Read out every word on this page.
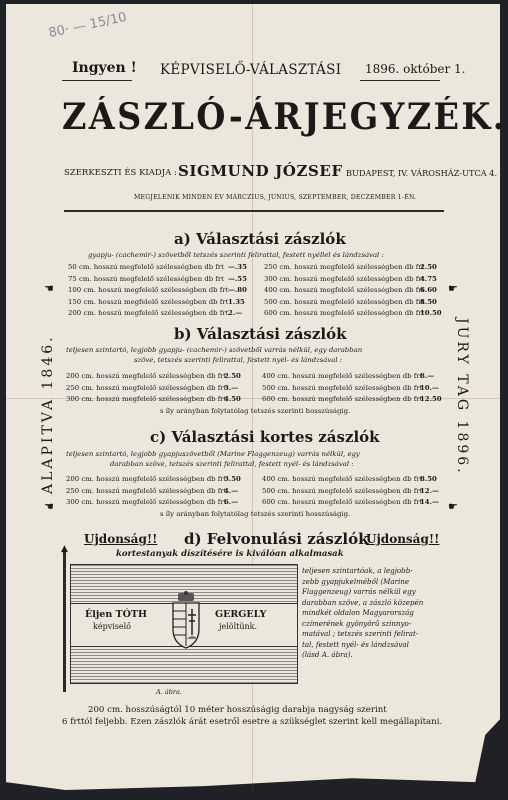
80· — 15/10
Ingyen ! KÉPVISELŐ-VÁLASZTÁSI 1896. október 1.
ZÁSZLÓ-ÁRJEGYZÉK.
SZERKESZTI ÉS KIADJA : SIGMUND JÓZSEF BUDAPEST, IV. VÁROSHÁZ-UTCA 4.
MEGJELENIK MINDEN ÉV MÁRCZIUS, JUNIUS, SZEPTEMBER, DECZEMBER 1-ÉN.
ALAPITVA 1846.	JURY TAG 1896.
☚	☛
☚	☛
a) Választási zászlók
gyapju- (cachemir-) szövetből tetszés szerinti felirattal, festett nyéllel és lándzsával :
50 cm. hosszú megfelelő szélességben db frt —.35
75 cm. hosszú megfelelő szélességben db frt —.55
100 cm. hosszú megfelelő szélességben db frt —.80
150 cm. hosszú megfelelő szélességben db frt 1.35
200 cm. hosszú megfelelő szélességben db frt 2.—
250 cm. hosszú megfelelő szélességben db frt
2.50
300 cm. hosszú megfelelő szélességben db frt
4.75
400 cm. hosszú megfelelő szélességben db frt
6.60
500 cm. hosszú megfelelő szélességben db frt
8.50
600 cm. hosszú megfelelő szélességben db frt
10.50
b) Választási zászlók
teljesen szintartó, legjobb gyapju- (cachemir-) szövetből varrás nélkül, egy darabban
szöve, tetszés szerinti felirattal, festett nyél- és lándzsával :
200 cm. hosszú megfelelő szélességben db frt
2.50
250 cm. hosszú megfelelő szélességben db frt
3.—
300 cm. hosszú megfelelő szélességben db frt
4.50
400 cm. hosszú megfelelő szélességben db frt
8.—
500 cm. hosszú megfelelő szélességben db frt
10.—
600 cm. hosszú megfelelő szélességben db frt
12.50
s íly arányban folytatólag tetszés szerinti hosszúságig.
c) Választási kortes zászlók
teljesen szintartó, legjobb gyapjuszövetből (Marine Flaggenzeug) varrás nélkül, egy
darabban szöve, tetszés szerinti felirattal, festett nyél- és lándzsával :
200 cm. hosszú megfelelő szélességben db frt
3.50
250 cm. hosszú megfelelő szélességben db frt
4.—
300 cm. hosszú megfelelő szélességben db frt
6.—
400 cm. hosszú megfelelő szélességben db frt
8.50
500 cm. hosszú megfelelő szélességben db frt
12.—
600 cm. hosszú megfelelő szélességben db frt
14.—
s íly arányban folytatólag tetszés szerinti hosszúságig.
Ujdonság!! d) Felvonulási zászlók
Ujdonság!!
kortestanyak díszítésére is kiválóan alkalmasak
▲
Éljen TÓTH
képviselő
GERGELY
jelöltünk.
A. ábra.
teljesen szintartóak, a legjobb-
zebb gyapjukelméből (Marine
Flaggenzeug) varrás nélkül egy
darabban szöve, a zászló közepén
mindkét oldalon Magyarország
czímerének gyönyörű szinnyo-
matával ; tetszés szerinti felirat-
tal, festett nyél- és lándzsával
(lásd A. ábra).
200 cm. hosszúságtól 10 méter hosszúságig darabja nagyság szerint
6 frttól feljebb. Ezen zászlók árát esetről esetre a szükséglet szerint kell megállapítani.
